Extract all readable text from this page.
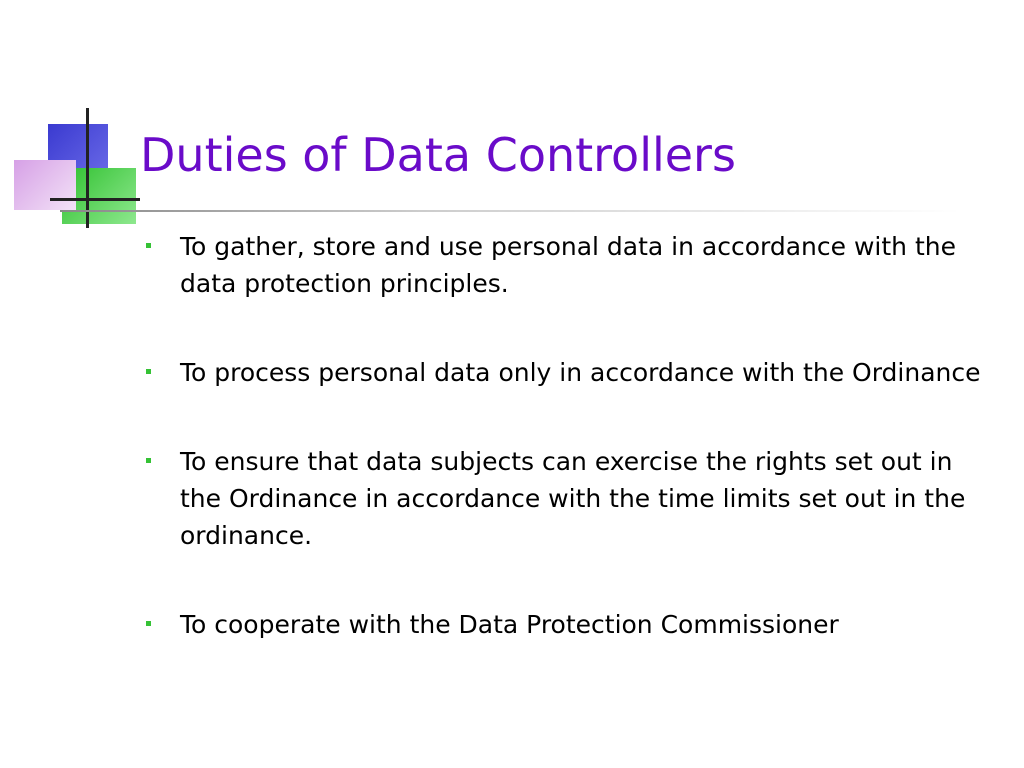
Duties of Data Controllers
To gather, store and use personal data in accordance with the data protection principles.
To process personal data only in accordance with the Ordinance
To ensure that data subjects can exercise the rights set out in the Ordinance in accordance with the time limits set out in the ordinance.
To cooperate with the Data Protection Commissioner
